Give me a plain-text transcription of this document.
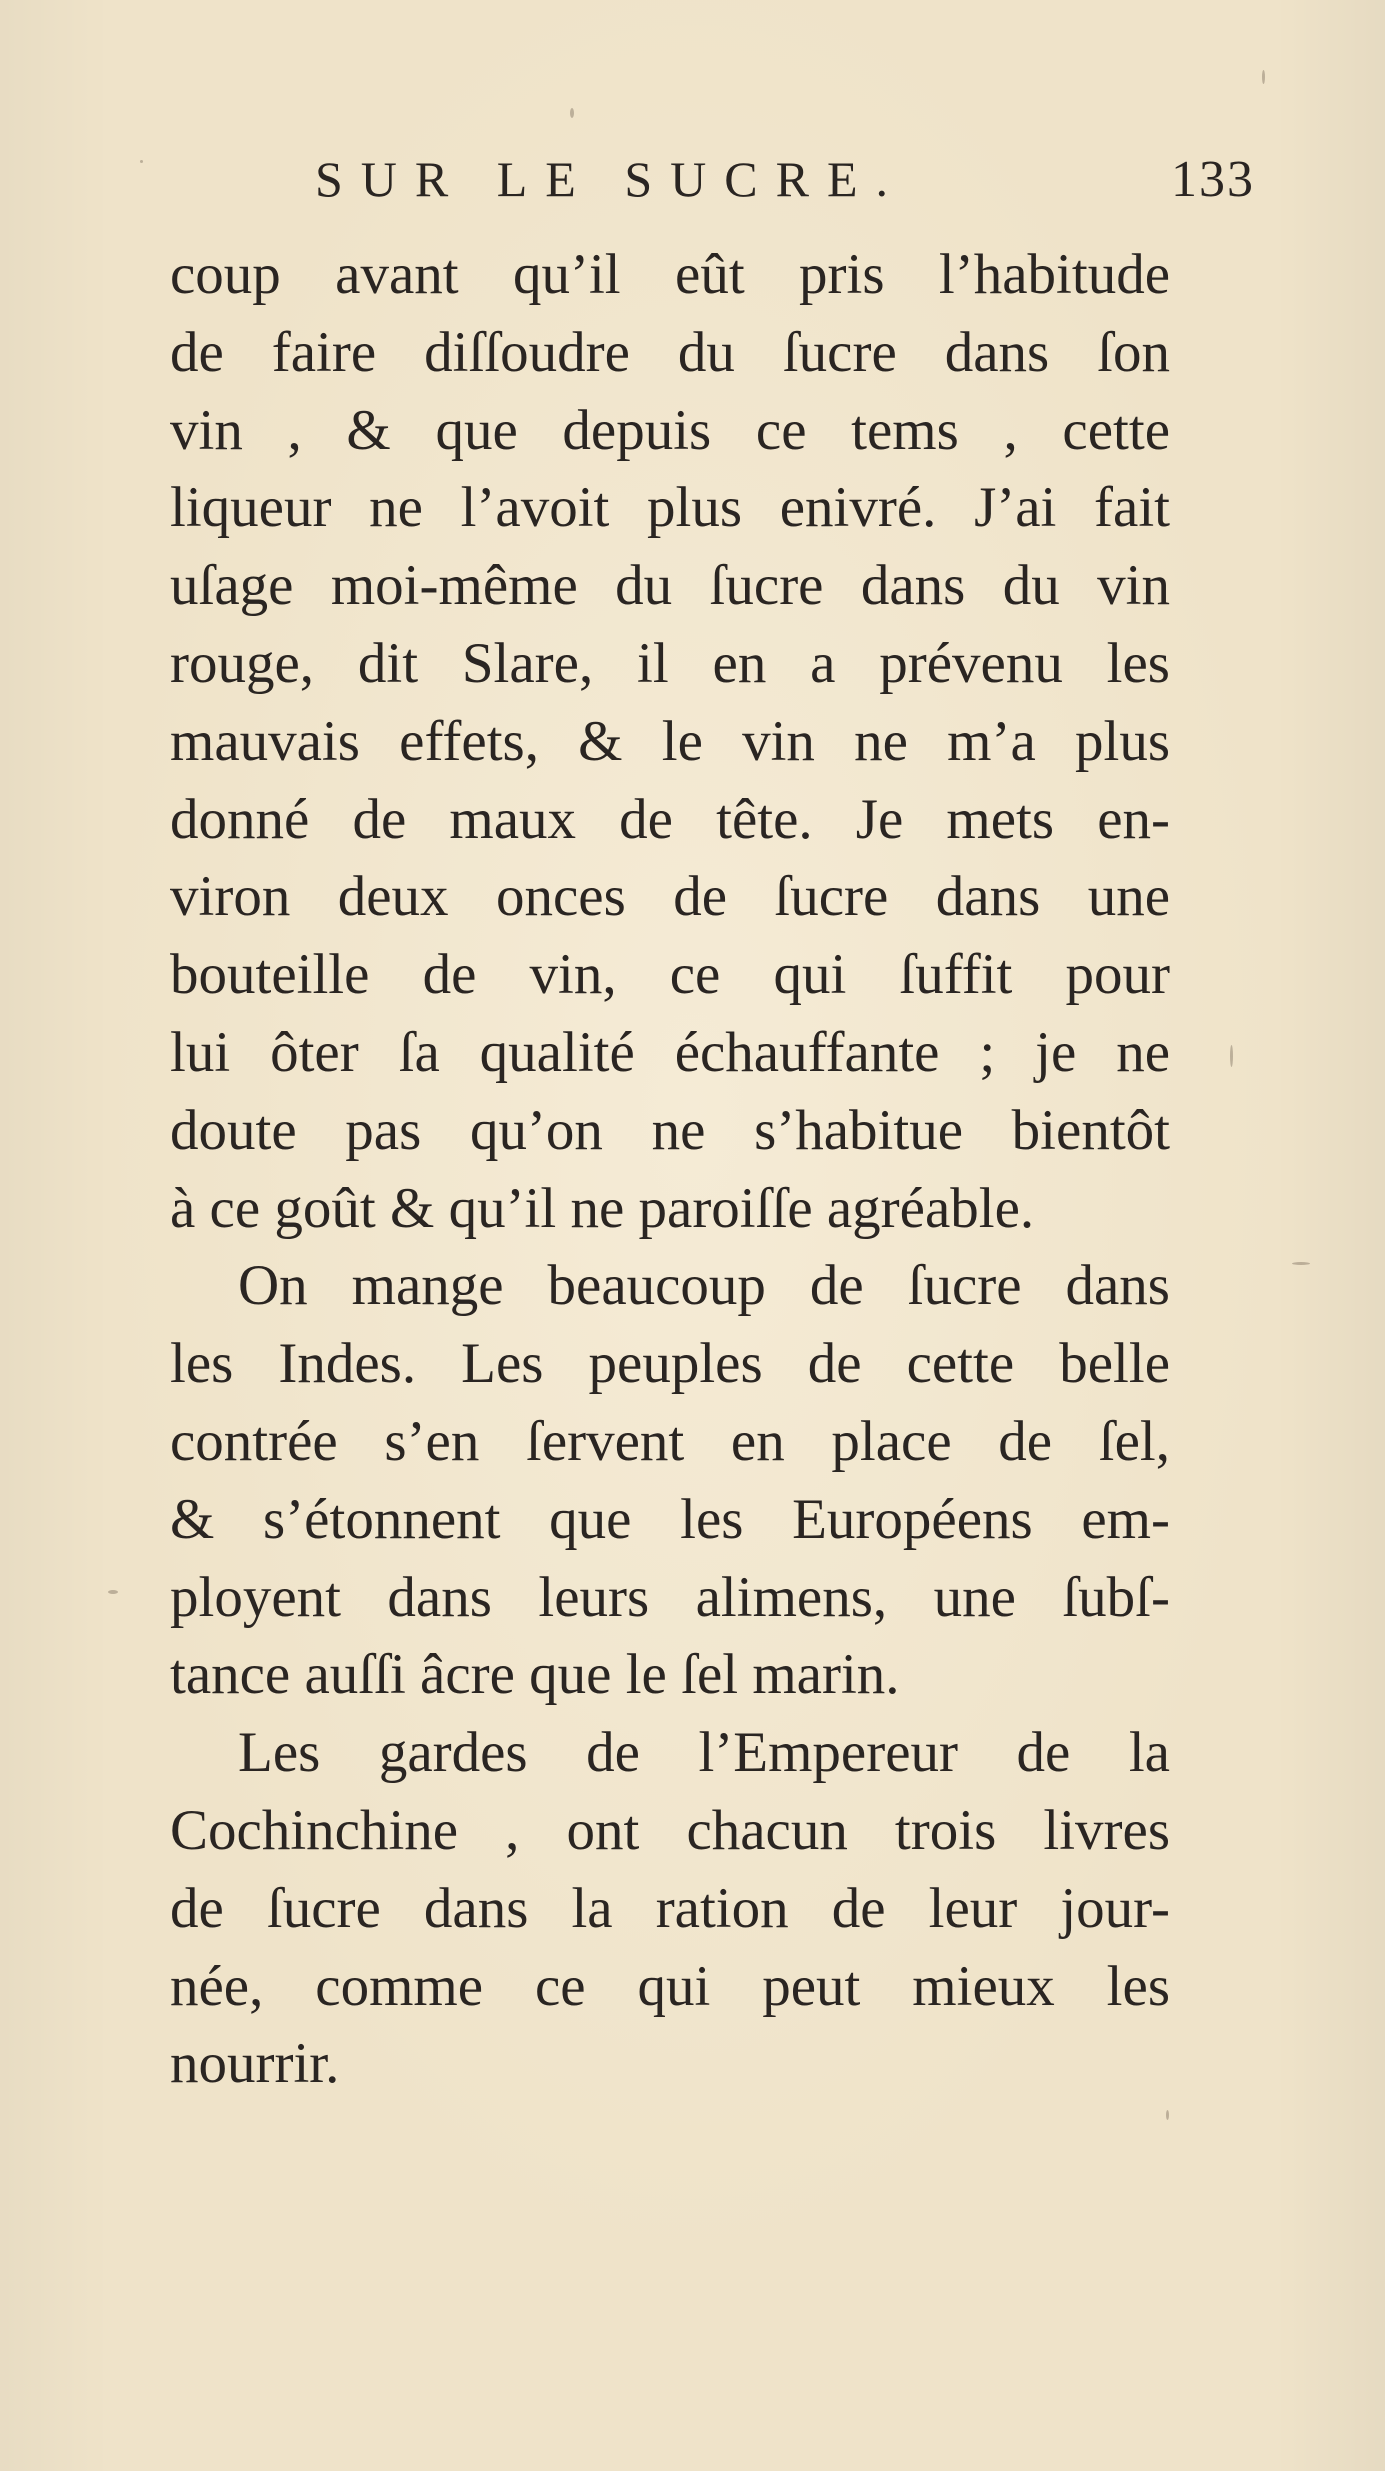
SUR LE SUCRE.	133
coup avant qu’il eût pris l’habitude
de faire diſſoudre du ſucre dans ſon
vin , & que depuis ce tems , cette
liqueur ne l’avoit plus enivré. J’ai fait
uſage moi-même du ſucre dans du vin
rouge, dit Slare, il en a prévenu les
mauvais effets, & le vin ne m’a plus
donné de maux de tête. Je mets en-
viron deux onces de ſucre dans une
bouteille de vin, ce qui ſuffit pour
lui ôter ſa qualité échauffante ; je ne
doute pas qu’on ne s’habitue bientôt
à ce goût & qu’il ne paroiſſe agréable.
On mange beaucoup de ſucre dans
les Indes. Les peuples de cette belle
contrée s’en ſervent en place de ſel,
& s’étonnent que les Européens em-
ployent dans leurs alimens, une ſubſ-
tance auſſi âcre que le ſel marin.
Les gardes de l’Empereur de la
Cochinchine , ont chacun trois livres
de ſucre dans la ration de leur jour-
née, comme ce qui peut mieux les
nourrir.
